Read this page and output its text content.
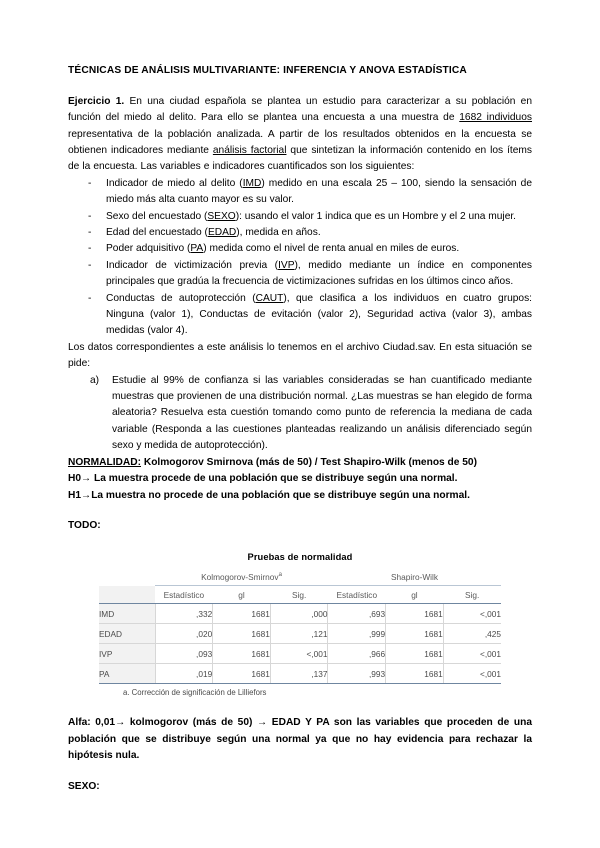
TÉCNICAS DE ANÁLISIS MULTIVARIANTE: INFERENCIA Y ANOVA ESTADÍSTICA

Ejercicio 1. En una ciudad española se plantea un estudio para caracterizar a su población en función del miedo al delito. Para ello se plantea una encuesta a una muestra de 1682 individuos representativa de la población analizada. A partir de los resultados obtenidos en la encuesta se obtienen indicadores mediante análisis factorial que sintetizan la información contenido en los ítems de la encuesta. Las variables e indicadores cuantificados son los siguientes:

- Indicador de miedo al delito (IMD) medido en una escala 25 – 100, siendo la sensación de miedo más alta cuanto mayor es su valor.
- Sexo del encuestado (SEXO): usando el valor 1 indica que es un Hombre y el 2 una mujer.
- Edad del encuestado (EDAD), medida en años.
- Poder adquisitivo (PA) medida como el nivel de renta anual en miles de euros.
- Indicador de victimización previa (IVP), medido mediante un índice en componentes principales que gradúa la frecuencia de victimizaciones sufridas en los últimos cinco años.
- Conductas de autoprotección (CAUT), que clasifica a los individuos en cuatro grupos: Ninguna (valor 1), Conductas de evitación (valor 2), Seguridad activa (valor 3), ambas medidas (valor 4).

Los datos correspondientes a este análisis lo tenemos en el archivo Ciudad.sav. En esta situación se pide:

a) Estudie al 99% de confianza si las variables consideradas se han cuantificado mediante muestras que provienen de una distribución normal. ¿Las muestras se han elegido de forma aleatoria? Resuelva esta cuestión tomando como punto de referencia la mediana de cada variable (Responda a las cuestiones planteadas realizando un análisis diferenciado según sexo y medida de autoprotección).

NORMALIDAD: Kolmogorov Smirnova (más de 50) / Test Shapiro-Wilk (menos de 50)

H0→ La muestra procede de una población que se distribuye según una normal.

H1→La muestra no procede de una población que se distribuye según una normal.

TODO:

Pruebas de normalidad
	Kolmogorov-Smirnov$^a$			Shapiro-Wilk		
	Estadístico	gl	Sig.	Estadístico	gl	Sig.
IMD	,332	1681	,000	,693	1681	<,001
EDAD	,020	1681	,121	,999	1681	,425
IVP	,093	1681	<,001	,966	1681	<,001
PA	,019	1681	,137	,993	1681	<,001
a. Corrección de significación de Lilliefors

Alfa: 0,01→ kolmogorov (más de 50) → EDAD Y PA son las variables que proceden de una población que se distribuye según una normal ya que no hay evidencia para rechazar la hipótesis nula.

SEXO:
